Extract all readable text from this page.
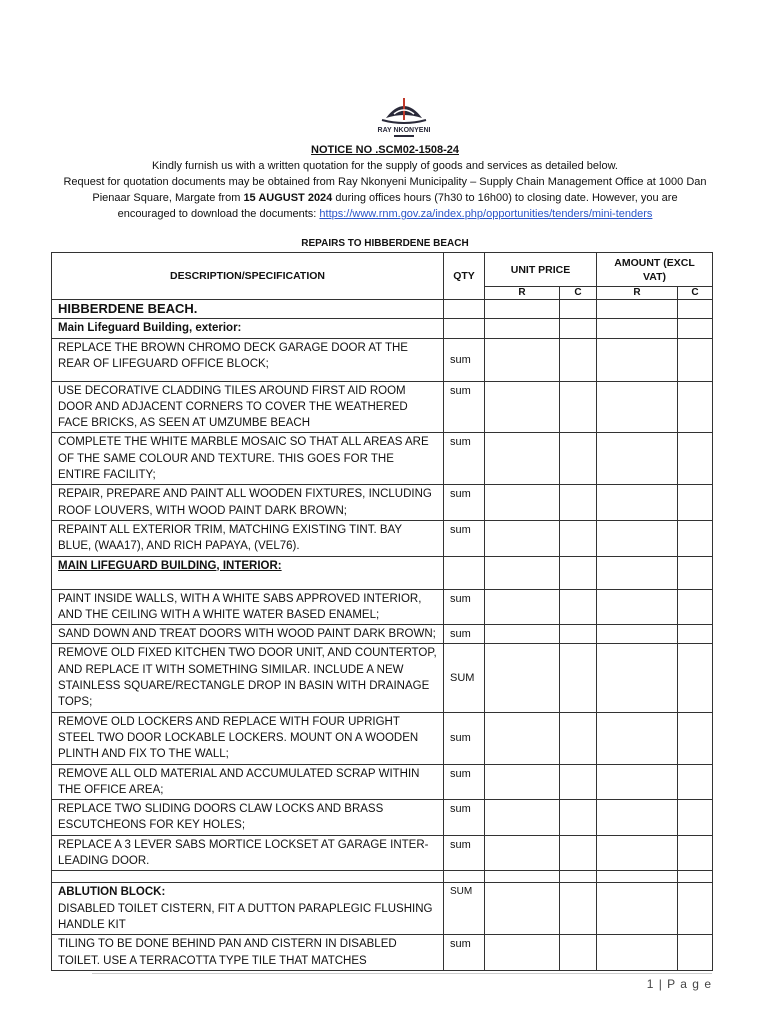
RAY NKONYENI
NOTICE NO .SCM02-1508-24
Kindly furnish us with a written quotation for the supply of goods and services as detailed below.
Request for quotation documents may be obtained from Ray Nkonyeni Municipality – Supply Chain Management Office at 1000 Dan
Pienaar Square, Margate from 15 AUGUST 2024 during offices hours (7h30 to 16h00) to closing date. However, you are
encouraged to download the documents: https://www.rnm.gov.za/index.php/opportunities/tenders/mini-tenders
REPAIRS TO HIBBERDENE BEACH
DESCRIPTION/SPECIFICATION	QTY	UNIT PRICE		AMOUNT (EXCL VAT)	
		R	C	R	C
HIBBERDENE BEACH.					
Main Lifeguard Building, exterior:					
REPLACE THE BROWN CHROMO DECK GARAGE DOOR AT THE REAR OF LIFEGUARD OFFICE BLOCK;	sum				
USE DECORATIVE CLADDING TILES AROUND FIRST AID ROOM DOOR AND ADJACENT CORNERS TO COVER THE WEATHERED FACE BRICKS, AS SEEN AT UMZUMBE BEACH	sum				
COMPLETE THE WHITE MARBLE MOSAIC SO THAT ALL AREAS ARE OF THE SAME COLOUR AND TEXTURE. THIS GOES FOR THE ENTIRE FACILITY;	sum				
REPAIR, PREPARE AND PAINT ALL WOODEN FIXTURES, INCLUDING ROOF LOUVERS, WITH WOOD PAINT DARK BROWN;	sum				
REPAINT ALL EXTERIOR TRIM, MATCHING EXISTING TINT. BAY BLUE, (WAA17), AND RICH PAPAYA, (VEL76).	sum				
MAIN LIFEGUARD BUILDING, INTERIOR:					
PAINT INSIDE WALLS, WITH A WHITE SABS APPROVED INTERIOR, AND THE CEILING WITH A WHITE WATER BASED ENAMEL;	sum				
SAND DOWN AND TREAT DOORS WITH WOOD PAINT DARK BROWN;	sum				
REMOVE OLD FIXED KITCHEN TWO DOOR UNIT, AND COUNTERTOP, AND REPLACE IT WITH SOMETHING SIMILAR. INCLUDE A NEW STAINLESS SQUARE/RECTANGLE DROP IN BASIN WITH DRAINAGE TOPS;	SUM				
REMOVE OLD LOCKERS AND REPLACE WITH FOUR UPRIGHT STEEL TWO DOOR LOCKABLE LOCKERS. MOUNT ON A WOODEN PLINTH AND FIX TO THE WALL;	sum				
REMOVE ALL OLD MATERIAL AND ACCUMULATED SCRAP WITHIN THE OFFICE AREA;	sum				
REPLACE TWO SLIDING DOORS CLAW LOCKS AND BRASS ESCUTCHEONS FOR KEY HOLES;	sum				
REPLACE A 3 LEVER SABS MORTICE LOCKSET AT GARAGE INTER-LEADING DOOR.	sum				

ABLUTION BLOCK:
DISABLED TOILET CISTERN, FIT A DUTTON PARAPLEGIC FLUSHING HANDLE KIT	SUM				
TILING TO BE DONE BEHIND PAN AND CISTERN IN DISABLED TOILET. USE A TERRACOTTA TYPE TILE THAT MATCHES	sum				
1 | P a g e
